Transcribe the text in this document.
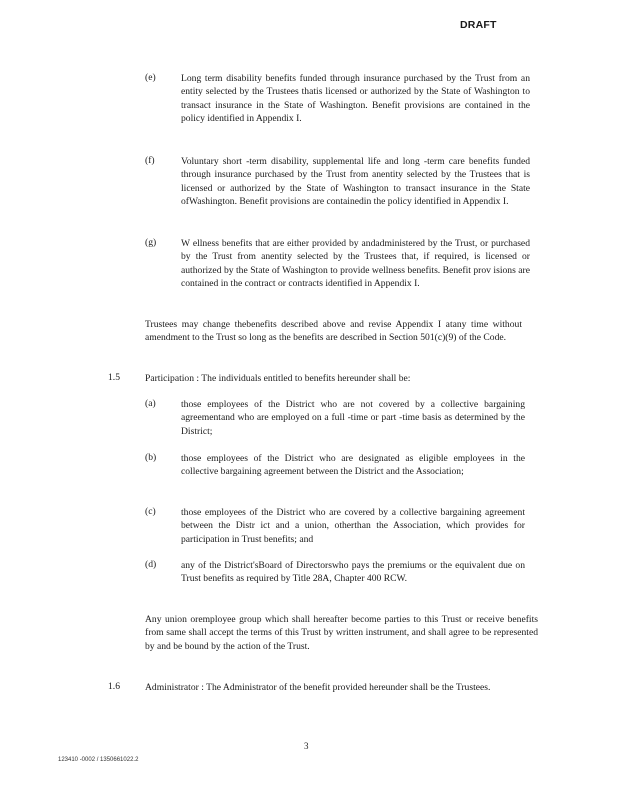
DRAFT
(e)	Long term disability benefits funded through insurance purchased by the Trust from an entity selected by the Trustees thatis licensed or authorized by the State of Washington to transact insurance in the State of Washington. Benefit provisions are contained in the policy identified in Appendix I.
(f)	Voluntary short -term disability, supplemental life and long -term care benefits funded through insurance purchased by the Trust from anentity selected by the Trustees that is licensed or authorized by the State of Washington to transact insurance in the State ofWashington. Benefit provisions are containedin the policy identified in Appendix I.
(g)	W ellness benefits that are either provided by andadministered by the Trust, or purchased by the Trust from anentity selected by the Trustees that, if required, is licensed or authorized by the State of Washington to provide wellness benefits. Benefit prov isions are contained in the contract or contracts identified in Appendix I.
Trustees may change thebenefits described above and revise Appendix I atany time without amendment to the Trust so long as the benefits are described in Section 501(c)(9) of the Code.
1.5	Participation : The individuals entitled to benefits hereunder shall be:
(a)	those employees of the District who are not covered by a collective bargaining agreementand who are employed on a full -time or part -time basis as determined by the District;
(b)	those employees of the District who are designated as eligible employees in the collective bargaining agreement between the District and the Association;
(c)	those employees of the District who are covered by a collective bargaining agreement between the Distr ict and a union, otherthan the Association, which provides for participation in Trust benefits; and
(d)	any of the District'sBoard of Directorswho pays the premiums or the equivalent due on Trust benefits as required by Title 28A, Chapter 400 RCW.
Any union oremployee group which shall hereafter become parties to this Trust or receive benefits from same shall accept the terms of this Trust by written instrument, and shall agree to be represented by and be bound by the action of the Trust.
1.6	Administrator : The Administrator of the benefit provided hereunder shall be the Trustees.
3
123410 -0002 / 1350661022.2
